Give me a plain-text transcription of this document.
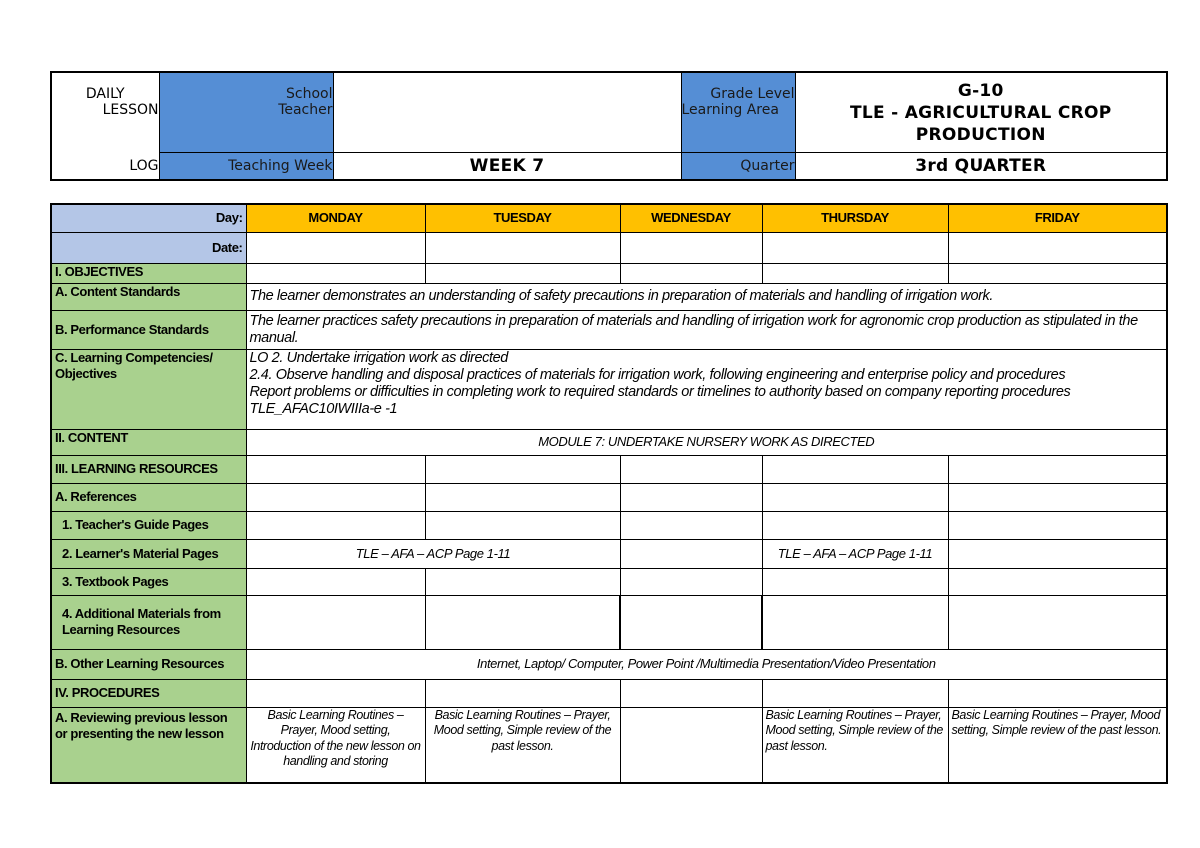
DAILY	School		Grade Level	G-10
LESSON	Teacher		Learning Area	TLE - AGRICULTURAL CROP PRODUCTION
LOG	Teaching Week	WEEK 7	Quarter	3rd QUARTER
Day:	MONDAY	TUESDAY	WEDNESDAY	THURSDAY	FRIDAY
Date:					
I. OBJECTIVES					
A. Content Standards	The learner demonstrates an understanding of safety precautions in preparation of materials and handling of irrigation work.				
B. Performance Standards	The learner practices safety precautions in preparation of materials and handling of irrigation work for agronomic crop production as stipulated in the manual.				
C. Learning Competencies/ Objectives	LO 2. Undertake irrigation work as directed
2.4. Observe handling and disposal practices of materials for irrigation work, following engineering and enterprise policy and procedures
Report problems or difficulties in completing work to required standards or timelines to authority based on company reporting procedures
TLE_AFAC10IWIIIa-e -1				

II. CONTENT	MODULE 7: UNDERTAKE NURSERY WORK AS DIRECTED				
III. LEARNING RESOURCES					
A. References					
1. Teacher's Guide Pages					
2. Learner's Material Pages	TLE – AFA – ACP Page 1-11			TLE – AFA – ACP Page 1-11	
3. Textbook Pages					
4. Additional Materials from Learning Resources					
B. Other Learning Resources	Internet, Laptop/ Computer, Power Point /Multimedia Presentation/Video Presentation				
IV. PROCEDURES					
A. Reviewing previous lesson or presenting the new lesson	Basic Learning Routines – Prayer, Mood setting, Introduction of the new lesson on handling and storing	Basic Learning Routines – Prayer, Mood setting, Simple review of the past lesson.		Basic Learning Routines – Prayer, Mood setting, Simple review of the past lesson.	Basic Learning Routines – Prayer, Mood setting, Simple review of the past lesson.
